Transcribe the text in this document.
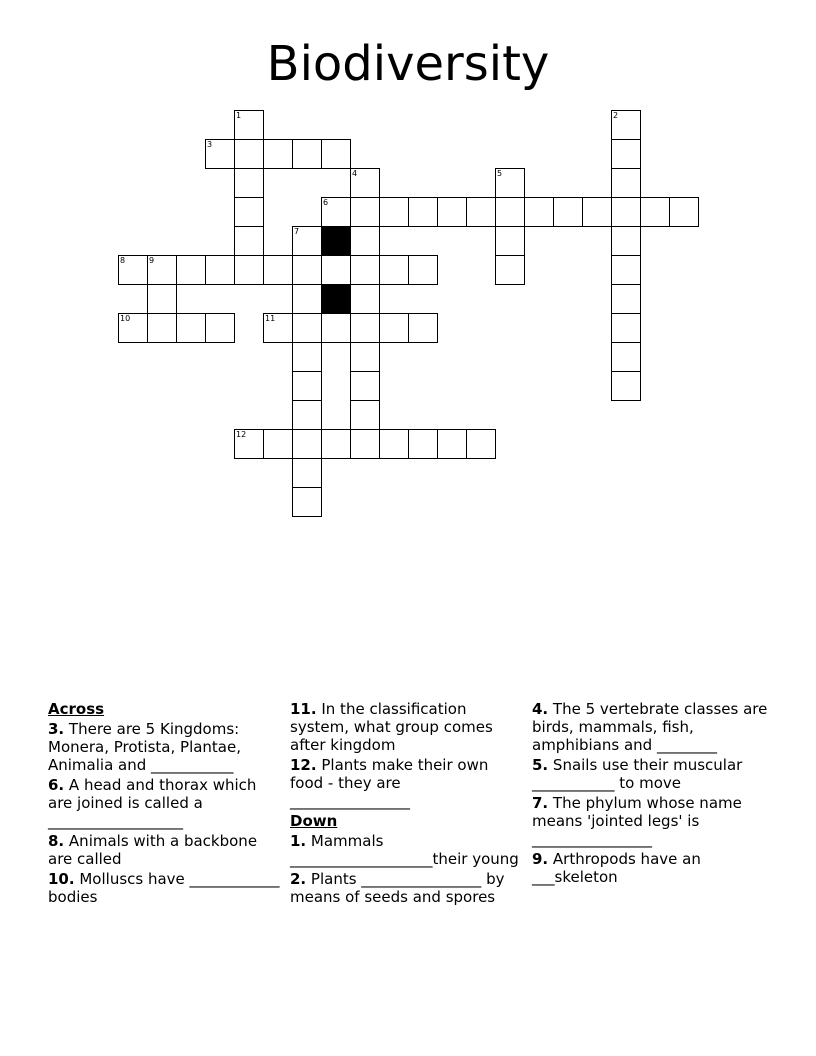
Biodiversity
1	2
3
4	5
6
7
8	9
10	11
12
Across
3. There are 5 Kingdoms: Monera, Protista, Plantae, Animalia and ___________
6. A head and thorax which are joined is called a __________________
8. Animals with a backbone are called
10. Molluscs have ____________ bodies
11. In the classification system, what group comes after kingdom
12. Plants make their own food - they are ________________
Down
1. Mammals ___________________their young
2. Plants ________________ by means of seeds and spores
4. The 5 vertebrate classes are birds, mammals, fish, amphibians and ________
5. Snails use their muscular ___________ to move
7. The phylum whose name means 'jointed legs' is ________________
9. Arthropods have an ___skeleton
